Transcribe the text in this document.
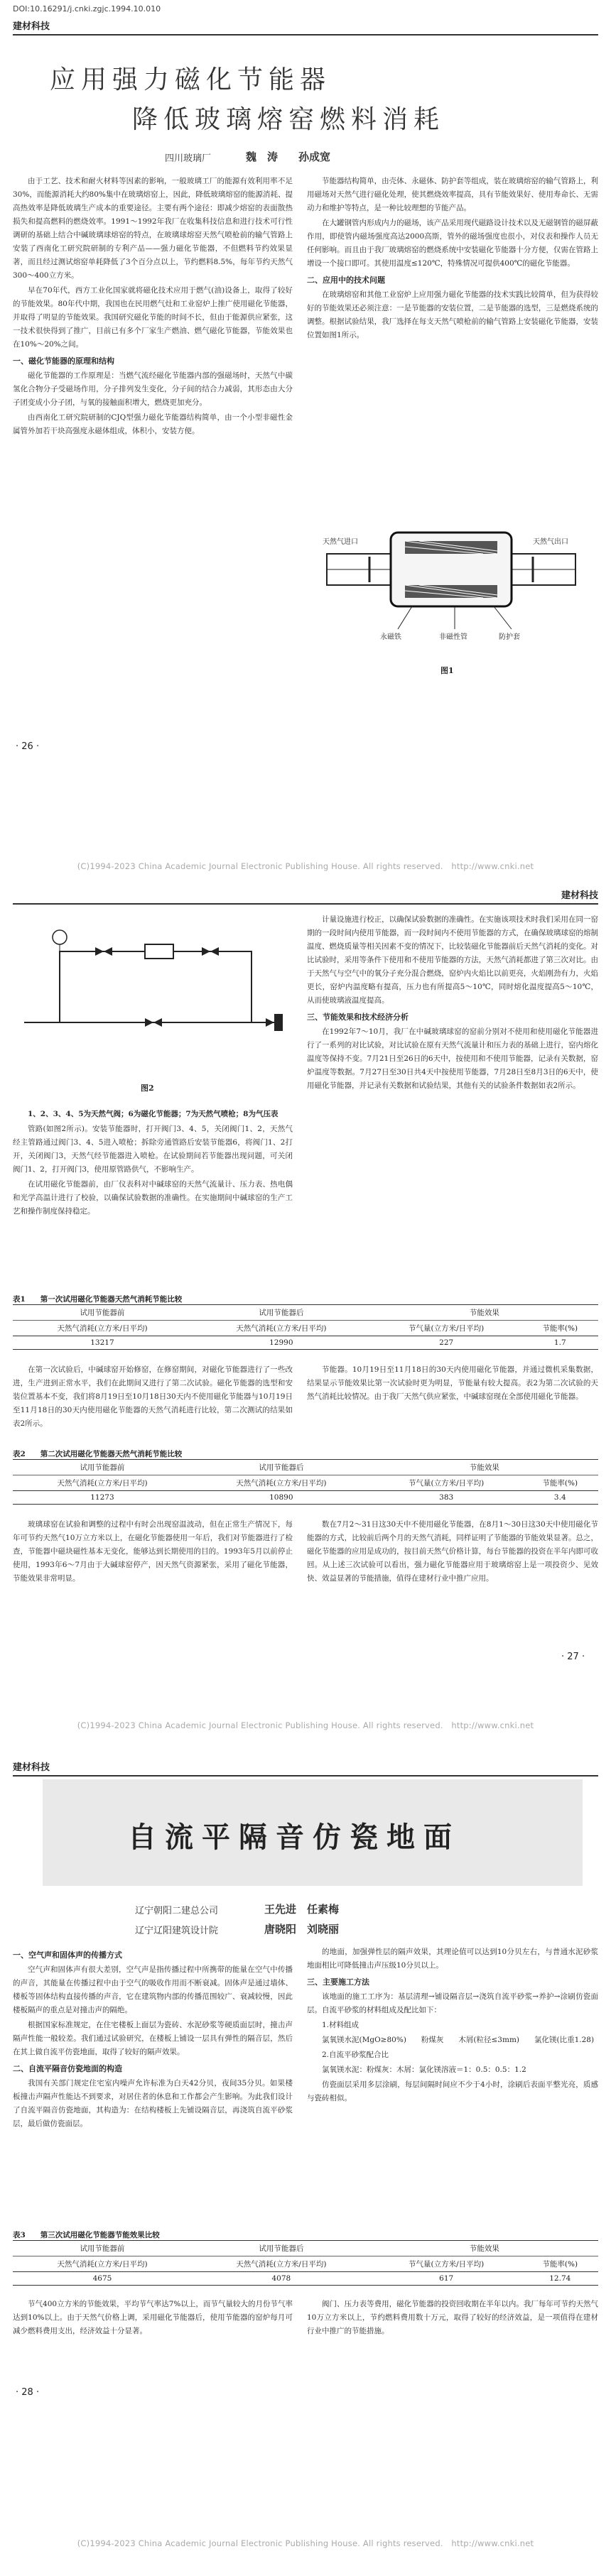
DOI:10.16291/j.cnki.zgjc.1994.10.010
建材科技
应用强力磁化节能器
降低玻璃熔窑燃料消耗
四川玻璃厂	魏　涛 孙成宽

由于工艺、技术和耐火材料等因素的影响，一般玻璃工厂的能源有效利用率不足30%，而能源消耗大约80%集中在玻璃熔窑上，因此，降低玻璃熔窑的能源消耗、提高热效率是降低玻璃生产成本的重要途径。主要有两个途径：即减少熔窑的表面散热损失和提高燃料的燃烧效率。1991～1992年我厂在收集科技信息和进行技术可行性调研的基础上结合中碱玻璃球熔窑的特点，在玻璃球熔窑天然气喷枪前的输气管路上安装了西南化工研究院研制的专利产品——强力磁化节能器，不但燃料节约效果显著，而且经过测试熔窑单耗降低了3个百分点以上，节约燃料8.5%，每年节约天然气300～400立方米。

早在70年代，西方工业化国家就将磁化技术应用于燃气(油)设备上，取得了较好的节能效果。80年代中期，我国也在民用燃气灶和工业窑炉上推广使用磁化节能器，并取得了明显的节能效果。我国研究磁化节能的时间不长，但由于能源供应紧张，这一技术很快得到了推广，目前已有多个厂家生产燃油、燃气磁化节能器，节能效果也在10%～20%之间。

一、磁化节能器的原理和结构

磁化节能器的工作原理是：当燃气流经磁化节能器内部的强磁场时，天然气中碳氢化合物分子受磁场作用，分子排列发生变化，分子间的结合力减弱，其形态由大分子团变成小分子团，与氧的接触面积增大，燃烧更加充分。

由西南化工研究院研制的CJQ型强力磁化节能器结构简单，由一个小型非磁性金属管外加若干块高强度永磁体组成，体积小，安装方便。

节能器结构简单，由壳体、永磁体、防护套等组成，装在玻璃熔窑的输气管路上，利用磁场对天然气进行磁化处理，使其燃烧效率提高，具有节能效果好、使用寿命长、无需动力和维护等特点，是一种比较理想的节能产品。

在大罐钢管内形成内力的磁场，该产品采用现代磁路设计技术以及无磁钢管的磁屏蔽作用，即使管内磁场强度高达2000高斯，管外的磁场强度也很小，对仪表和操作人员无任何影响。而且由于我厂玻璃熔窑的燃烧系统中安装磁化节能器十分方便，仅需在管路上增设一个接口即可。其使用温度≤120℃，特殊情况可提供400℃的磁化节能器。

二、应用中的技术问题

在玻璃熔窑和其他工业窑炉上应用强力磁化节能器的技术实践比较简单，但为获得较好的节能效果还必须注意：一是节能器的安装位置，二是节能器的选型，三是燃烧系统的调整。根据试验结果，我厂选择在每支天然气喷枪前的输气管路上安装磁化节能器，安装位置如图1所示。

永磁铁	非磁性管	防护套
天然气进口	天然气出口
图1
· 26 ·
(C)1994-2023 China Academic Journal Electronic Publishing House. All rights reserved.　http://www.cnki.net
建材科技
图2

1、2、3、4、5为天然气阀；6为磁化节能器；7为天然气喷枪；8为气压表

管路(如图2所示)。安装节能器时，打开阀门3、4、5，关闭阀门1、2，天然气经主管路通过阀门3、4、5进入喷枪；拆除旁通管路后安装节能器6，将阀门1、2打开，关闭阀门3，天然气经节能器进入喷枪。在试验期间若节能器出现问题，可关闭阀门1、2，打开阀门3，使用原管路供气，不影响生产。

在试用磁化节能器前，由厂仪表科对中碱球窑的天然气流量计、压力表、热电偶和光学高温计进行了校验，以确保试验数据的准确性。在实施期间中碱球窑的生产工艺和操作制度保持稳定。

计量设施进行校正，以确保试验数据的准确性。在实施该项技术时我们采用在同一窑期的一段时间内使用节能器，而一段时间内不使用节能器的方式，在确保玻璃球窑的熔制温度、燃烧质量等相关因素不变的情况下，比较装磁化节能器前后天然气消耗的变化。对比试验时，采用等条件下使用和不使用节能器的方法，天然气消耗都进了第三次对比。由于天然气与空气中的氧分子充分混合燃烧，窑炉内火焰比以前更亮，火焰刚劲有力，火焰更长，窑炉内温度略有提高，压力也有所提高5～10℃，同时熔化温度提高5～10℃，从而使玻璃液温度提高。

三、节能效果和技术经济分析

在1992年7～10月，我厂在中碱玻璃球窑的窑前分别对不使用和使用磁化节能器进行了一系列的对比试验，对比试验在原有天然气流量计和压力表的基础上进行，窑内熔化温度等保持不变。7月21日至26日的6天中，按使用和不使用节能器，记录有关数据，窑炉温度等数据。7月27日至30日共4天中按使用节能器，7月28日至8月3日的6天中，使用磁化节能器，并记录有关数据和试验结果，其他有关的试验条件数据如表2所示。

表1　　第一次试用磁化节能器天然气消耗节能比较
试用节能器前	试用节能器后	节能效果	
天然气消耗(立方米/日平均)	天然气消耗(立方米/日平均)	节气量(立方米/日平均)	节能率(%)
13217	12990	227	1.7

在第一次试验后，中碱球窑开始修窑，在修窑期间，对磁化节能器进行了一些改进，生产进到正常水平，我们在此期间又进行了第二次试验。磁化节能器的选型和安装位置基本不变，我们将8月19日至10月18日30天内不使用磁化节能器与10月19日至11月18日的30天内使用磁化节能器的天然气消耗进行比较，第二次测试的结果如表2所示。

节能器。10月19日至11月18日的30天内使用磁化节能器，并通过微机采集数据，结果显示节能效果比第一次试验时更为明显，节能量有较大提高。表2为第二次试验的天然气消耗比较情况。由于我厂天然气供应紧张，中碱球窑现在全部使用磁化节能器。

表2　　第二次试用磁化节能器天然气消耗节能比较
试用节能器前	试用节能器后	节能效果	
天然气消耗(立方米/日平均)	天然气消耗(立方米/日平均)	节气量(立方米/日平均)	节能率(%)
11273	10890	383	3.4

玻璃球窑在试验和调整的过程中有时会出现窑温波动，但在正常生产情况下，每年可节约天然气10万立方米以上，在磁化节能器使用一年后，我们对节能器进行了检查，节能器中磁块磁性基本无变化，能够达到长期使用的目的。1993年5月以前停止使用，1993年6～7月由于大碱球窑停产，因天然气资源紧张，采用了磁化节能器，节能效果非常明显。

数在7月2～31日这30天中不使用磁化节能器，在8月1～30日这30天中使用磁化节能器的方式，比较前后两个月的天然气消耗，同样证明了节能器的节能效果显著。总之，磁化节能器的应用是成功的，按目前天然气价格计算，每台节能器的投资在半年内即可收回。从上述三次试验可以看出，强力磁化节能器应用于玻璃熔窑上是一项投资少、见效快、效益显著的节能措施，值得在建材行业中推广应用。

· 27 ·
(C)1994-2023 China Academic Journal Electronic Publishing House. All rights reserved.　http://www.cnki.net
建材科技
自流平隔音仿瓷地面
辽宁朝阳二建总公司
辽宁辽阳建筑设计院
王先进　任素梅
唐晓阳　刘晓丽
一、空气声和固体声的传播方式

空气声和固体声有很大差别，空气声是指传播过程中所携带的能量在空气中传播的声音，其能量在传播过程中由于空气的吸收作用而不断衰减。固体声是通过墙体、楼板等固体结构直接传播的声音，它在建筑物内部的传播范围较广、衰减较慢，因此楼板隔声的重点是对撞击声的隔绝。

根据国家标准规定，在住宅楼板上面层为瓷砖、水泥砂浆等硬质面层时，撞击声隔声性能一般较差。我们通过试验研究，在楼板上铺设一层具有弹性的隔音层，然后在其上做自流平仿瓷地面，取得了较好的隔声效果。

二、自流平隔音仿瓷地面的构造

我国有关部门规定住宅室内噪声允许标准为白天42分贝，夜间35分贝。如果楼板撞击声隔声性能达不到要求，对居住者的休息和工作都会产生影响。为此我们设计了自流平隔音仿瓷地面，其构造为：在结构楼板上先铺设隔音层，再浇筑自流平砂浆层，最后做仿瓷面层。

的地面，加强弹性层的隔声效果，其理论值可以达到10分贝左右，与普通水泥砂浆地面相比可降低撞击声压级10分贝以上。

三、主要施工方法

该地面的施工工序为：基层清理→铺设隔音层→浇筑自流平砂浆→养护→涂刷仿瓷面层。自流平砂浆的材料组成及配比如下：

1.材料组成

氯氧镁水泥(MgO≥80%)　　粉煤灰　　木屑(粒径≤3mm)　　氯化镁(比重1.28)

2.自流平砂浆配合比

氯氧镁水泥：粉煤灰：木屑：氯化镁溶液＝1：0.5：0.5：1.2

仿瓷面层采用多层涂刷，每层间隔时间应不少于4小时，涂刷后表面平整光亮，质感与瓷砖相似。

表3　　第三次试用磁化节能器节能效果比较
试用节能器前	试用节能器后	节能效果	
天然气消耗(立方米/日平均)	天然气消耗(立方米/日平均)	节气量(立方米/日平均)	节能率(%)
4675	4078	617	12.74

节气400立方米的节能效果，平均节气率达7%以上，而节气量较大的月份节气率达到10%以上。由于天然气价格上调，采用磁化节能器后，使用节能器的窑炉每月可减少燃料费用支出，经济效益十分显著。

阀门、压力表等费用，磁化节能器的投资回收期在半年以内。我厂每年可节约天然气10万立方米以上，节约燃料费用数十万元，取得了较好的经济效益，是一项值得在建材行业中推广的节能措施。

· 28 ·
(C)1994-2023 China Academic Journal Electronic Publishing House. All rights reserved.　http://www.cnki.net
